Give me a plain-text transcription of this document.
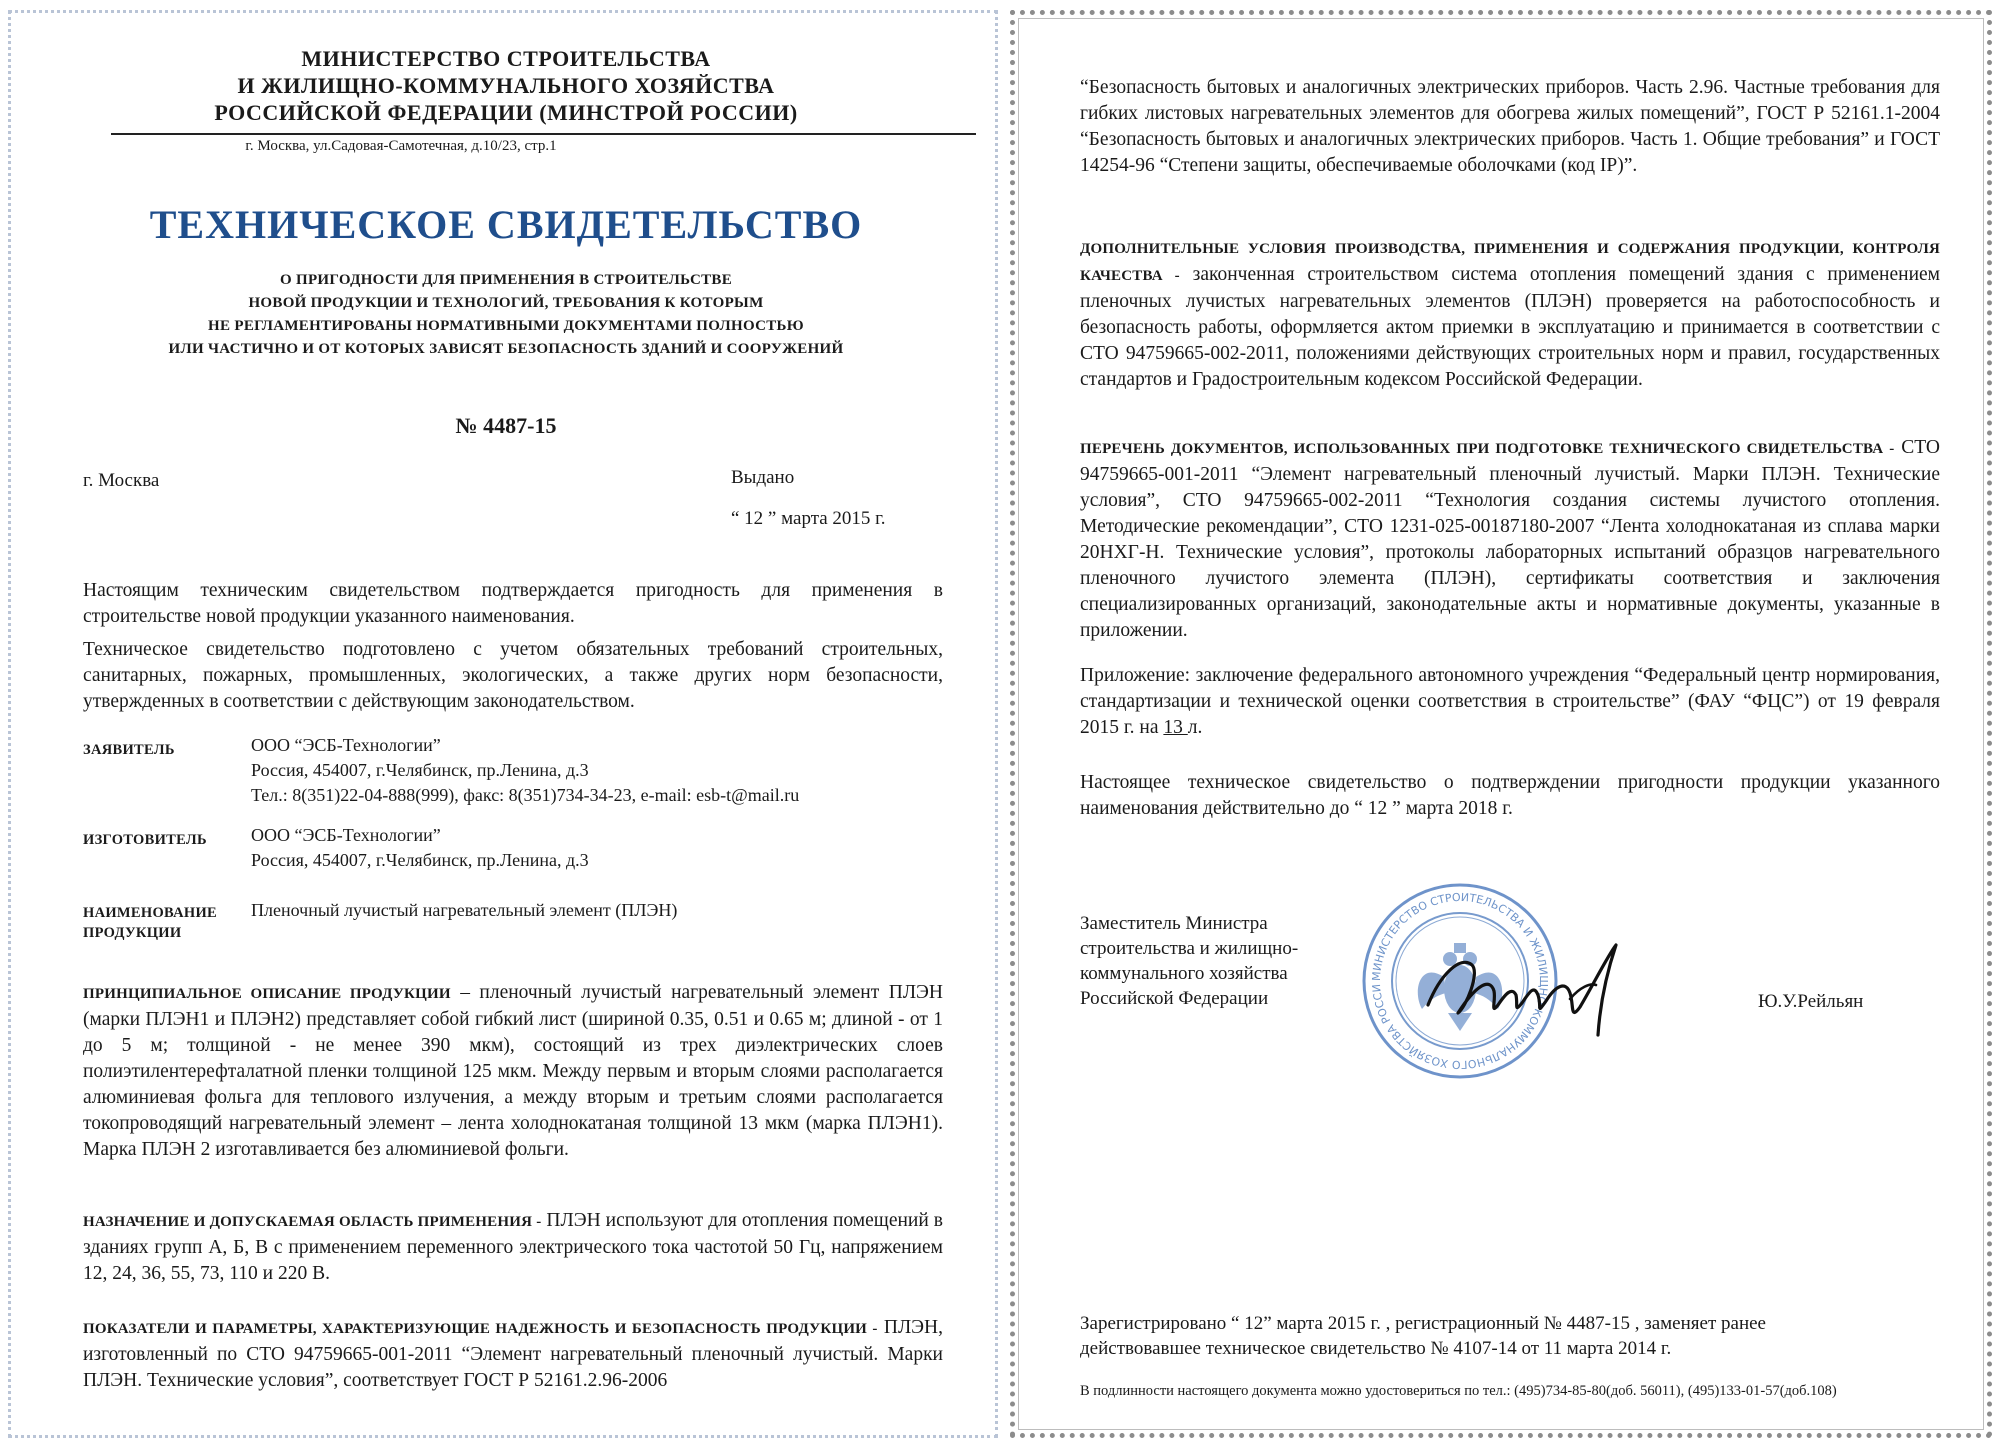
МИНИСТЕРСТВО СТРОИТЕЛЬСТВА
И ЖИЛИЩНО-КОММУНАЛЬНОГО ХОЗЯЙСТВА
РОССИЙСКОЙ ФЕДЕРАЦИИ (МИНСТРОЙ РОССИИ)
г. Москва, ул.Садовая-Самотечная, д.10/23, стр.1
ТЕХНИЧЕСКОЕ СВИДЕТЕЛЬСТВО
О ПРИГОДНОСТИ ДЛЯ ПРИМЕНЕНИЯ В СТРОИТЕЛЬСТВЕ
НОВОЙ ПРОДУКЦИИ И ТЕХНОЛОГИЙ, ТРЕБОВАНИЯ К КОТОРЫМ
НЕ РЕГЛАМЕНТИРОВАНЫ НОРМАТИВНЫМИ ДОКУМЕНТАМИ ПОЛНОСТЬЮ
ИЛИ ЧАСТИЧНО И ОТ КОТОРЫХ ЗАВИСЯТ БЕЗОПАСНОСТЬ ЗДАНИЙ И СООРУЖЕНИЙ
№ 4487-15
г. Москва	Выдано
“ 12 ” марта 2015 г.
Настоящим техническим свидетельством подтверждается пригодность для применения в строительстве новой продукции указанного наименования.
Техническое свидетельство подготовлено с учетом обязательных требований строительных, санитарных, пожарных, промышленных, экологических, а также других норм безопасности, утвержденных в соответствии с действующим законодательством.
ЗАЯВИТЕЛЬ	ООО “ЭСБ-Технологии”
Россия, 454007, г.Челябинск, пр.Ленина, д.3
Тел.: 8(351)22-04-888(999), факс: 8(351)734-34-23, e-mail: esb-t@mail.ru
ИЗГОТОВИТЕЛЬ ООО “ЭСБ-Технологии”
Россия, 454007, г.Челябинск, пр.Ленина, д.3
НАИМЕНОВАНИЕ
ПРОДУКЦИИ
Пленочный лучистый нагревательный элемент (ПЛЭН)
ПРИНЦИПИАЛЬНОЕ ОПИСАНИЕ ПРОДУКЦИИ – пленочный лучистый нагревательный элемент ПЛЭН (марки ПЛЭН1 и ПЛЭН2) представляет собой гибкий лист (шириной 0.35, 0.51 и 0.65 м; длиной - от 1 до 5 м; толщиной - не менее 390 мкм), состоящий из трех диэлектрических слоев полиэтилентерефталатной пленки толщиной 125 мкм. Между первым и вторым слоями располагается алюминиевая фольга для теплового излучения, а между вторым и третьим слоями располагается токопроводящий нагревательный элемент – лента холоднокатаная толщиной 13 мкм (марка ПЛЭН1). Марка ПЛЭН 2 изготавливается без алюминиевой фольги.
НАЗНАЧЕНИЕ И ДОПУСКАЕМАЯ ОБЛАСТЬ ПРИМЕНЕНИЯ - ПЛЭН используют для отопления помещений в зданиях групп А, Б, В с применением переменного электрического тока частотой 50 Гц, напряжением 12, 24, 36, 55, 73, 110 и 220 В.
ПОКАЗАТЕЛИ И ПАРАМЕТРЫ, ХАРАКТЕРИЗУЮЩИЕ НАДЕЖНОСТЬ И БЕЗОПАСНОСТЬ ПРОДУКЦИИ - ПЛЭН, изготовленный по СТО 94759665-001-2011 “Элемент нагревательный пленочный лучистый. Марки ПЛЭН. Технические условия”, соответствует ГОСТ Р 52161.2.96-2006
“Безопасность бытовых и аналогичных электрических приборов. Часть 2.96. Частные требования для гибких листовых нагревательных элементов для обогрева жилых помещений”, ГОСТ Р 52161.1-2004 “Безопасность бытовых и аналогичных электрических приборов. Часть 1. Общие требования” и ГОСТ 14254-96 “Степени защиты, обеспечиваемые оболочками (код IP)”.
ДОПОЛНИТЕЛЬНЫЕ УСЛОВИЯ ПРОИЗВОДСТВА, ПРИМЕНЕНИЯ И СОДЕРЖАНИЯ ПРОДУКЦИИ, КОНТРОЛЯ КАЧЕСТВА - законченная строительством система отопления помещений здания с применением пленочных лучистых нагревательных элементов (ПЛЭН) проверяется на работоспособность и безопасность работы, оформляется актом приемки в эксплуатацию и принимается в соответствии с СТО 94759665-002-2011, положениями действующих строительных норм и правил, государственных стандартов и Градостроительным кодексом Российской Федерации.
ПЕРЕЧЕНЬ ДОКУМЕНТОВ, ИСПОЛЬЗОВАННЫХ ПРИ ПОДГОТОВКЕ ТЕХНИЧЕСКОГО СВИДЕТЕЛЬСТВА - СТО 94759665-001-2011 “Элемент нагревательный пленочный лучистый. Марки ПЛЭН. Технические условия”, СТО 94759665-002-2011 “Технология создания системы лучистого отопления. Методические рекомендации”, СТО 1231-025-00187180-2007 “Лента холоднокатаная из сплава марки 20НХГ-Н. Технические условия”, протоколы лабораторных испытаний образцов нагревательного пленочного лучистого элемента (ПЛЭН), сертификаты соответствия и заключения специализированных организаций, законодательные акты и нормативные документы, указанные в приложении.
Приложение: заключение федерального автономного учреждения “Федеральный центр нормирования, стандартизации и технической оценки соответствия в строительстве” (ФАУ “ФЦС”) от 19 февраля 2015 г. на 13 л.
Настоящее техническое свидетельство о подтверждении пригодности продукции указанного наименования действительно до “ 12 ” марта 2018 г.
Заместитель Министра
строительства и жилищно-
коммунального хозяйства
Российской Федерации
МИНИСТЕРСТВО СТРОИТЕЛЬСТВА И ЖИЛИЩНО-КОММУНАЛЬНОГО ХОЗЯЙСТВА РОССИЙСКОЙ ФЕДЕРАЦИИ (МИНСТРОЙ РОССИИ) ОГРН 1147746
Ю.У.Рейльян
Зарегистрировано “ 12” марта 2015 г. , регистрационный № 4487-15 , заменяет ранее
действовавшее техническое свидетельство № 4107-14 от 11 марта 2014 г.
В подлинности настоящего документа можно удостовериться по тел.: (495)734-85-80(доб. 56011), (495)133-01-57(доб.108)
